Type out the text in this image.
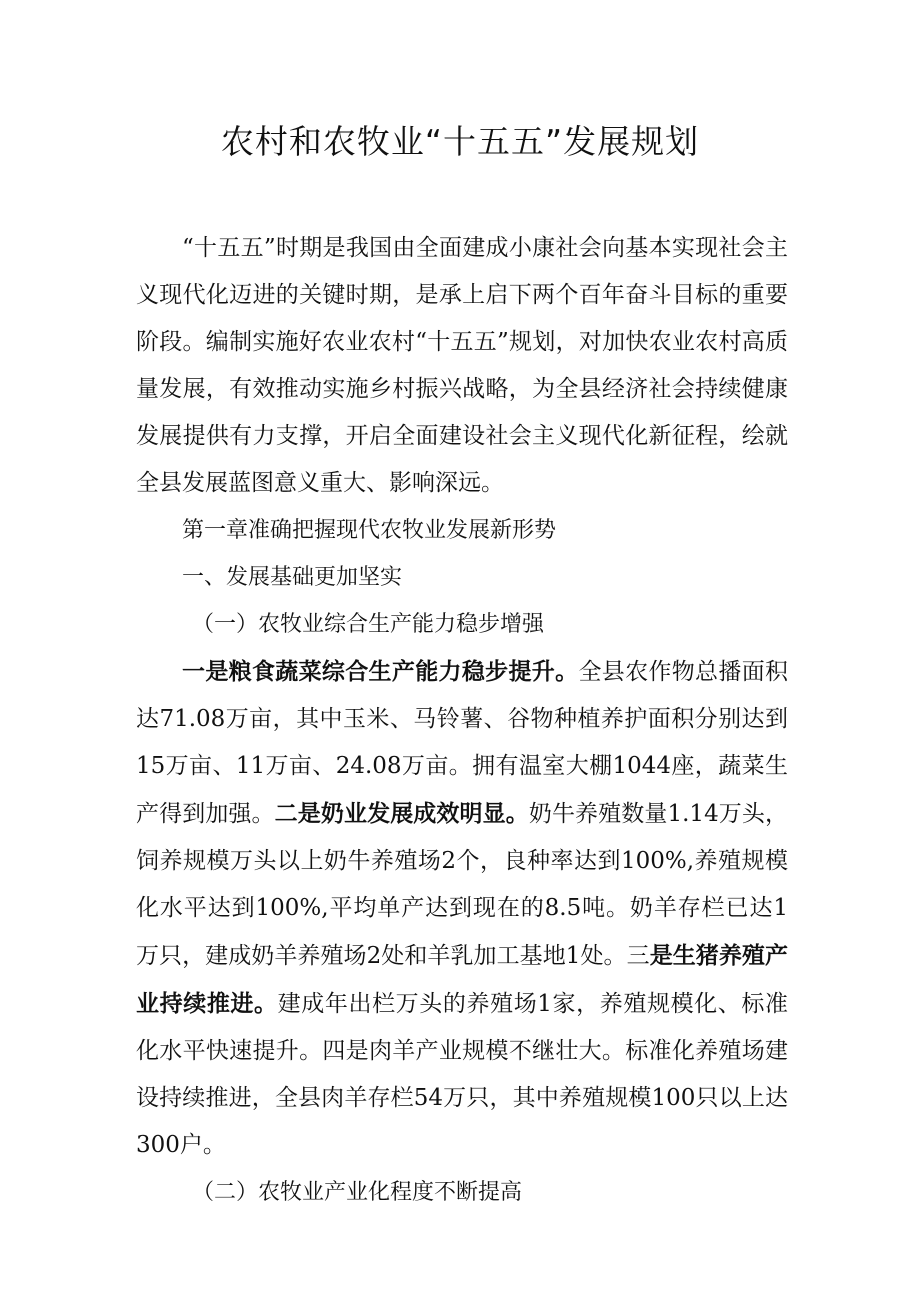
农村和农牧业“十五五”发展规划

“十五五”时期是我国由全面建成小康社会向基本实现社会主义现代化迈进的关键时期，是承上启下两个百年奋斗目标的重要阶段。编制实施好农业农村“十五五”规划，对加快农业农村高质量发展，有效推动实施乡村振兴战略，为全县经济社会持续健康发展提供有力支撑，开启全面建设社会主义现代化新征程，绘就全县发展蓝图意义重大、影响深远。

第一章准确把握现代农牧业发展新形势

一、发展基础更加坚实

（一）农牧业综合生产能力稳步增强

一是粮食蔬菜综合生产能力稳步提升。全县农作物总播面积达71.08万亩，其中玉米、马铃薯、谷物种植养护面积分别达到15万亩、11万亩、24.08万亩。拥有温室大棚1044座，蔬菜生产得到加强。二是奶业发展成效明显。奶牛养殖数量1.14万头，饲养规模万头以上奶牛养殖场2个，良种率达到100%,养殖规模化水平达到100%,平均单产达到现在的8.5吨。奶羊存栏已达1万只，建成奶羊养殖场2处和羊乳加工基地1处。三是生猪养殖产业持续推进。建成年出栏万头的养殖场1家，养殖规模化、标准化水平快速提升。四是肉羊产业规模不继壮大。标准化养殖场建设持续推进，全县肉羊存栏54万只，其中养殖规模100只以上达300户。

（二）农牧业产业化程度不断提高
